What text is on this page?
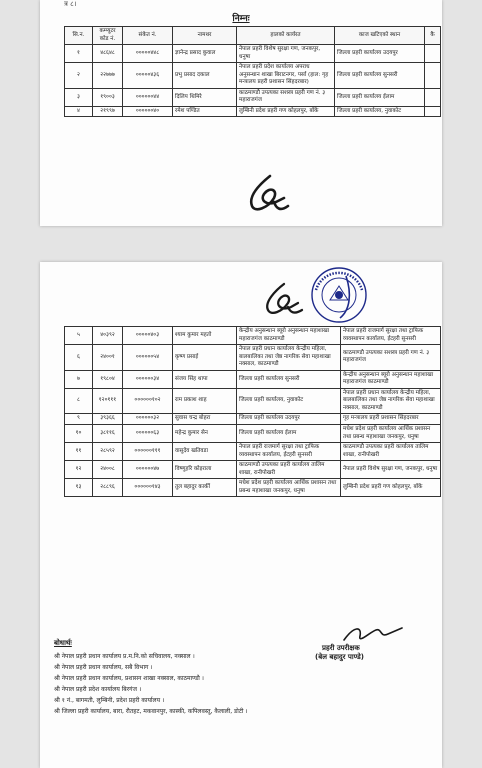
त्र ८।
निम्नः
सि.न.	कम्प्युटर कोड नं.	संकेत नं.	नामथर	हालको कार्यरत	काज खटिएको स्थान	कै
१	४८६४८	०००००४४८	ज्ञानेन्द्र प्रसाद कुवाल	नेपाल प्रहरी विशेष सुरक्षा गण, जनकपुर, धनुषा	जिल्ला प्रहरी कार्यालय उदयपुर	
२	२२७७७	०००००४३६	प्रभु प्रसाद दकाल	नेपाल प्रहरी प्रदेश कार्यालय अपराध अनुसन्धान शाखा बिराटनगर, पर्सा (हाल: गृह मन्त्रालय प्रहरी प्रशासन सिंहदरबार)	जिल्ला प्रहरी कार्यालय सुनसरी	
३	१९००३	००००००४४	दिलिप थिमिरे	काठमाण्डौ उपत्यका सशस्त्र प्रहरी गण नं. ३ महाराजगंज	जिल्ला प्रहरी कार्यालय ईलाम	
४	२१९९७	००००००४०	रमेश पण्डित	लुम्बिनी प्रदेश प्रहरी गण कोहलपुर, बाँके	जिल्ला प्रहरी कार्यालय, नुवाकोट	
५	४०३९२	०००००४०३	श्याम कुमार महतो	केन्द्रीय अनुसन्धान ब्यूरो अनुसन्धान महाशाखा महाराजगंज काठमाण्डौ	नेपाल प्रहरी राजमार्ग सुरक्षा तथा ट्राफिक व्यवस्थापन कार्यालय, ईटहरी सुनसरी
६	२४००१	००००००५४	कृष्ण प्रसाई	नेपाल प्रहरी प्रधान कार्यालय केन्द्रीय महिला, बालबालिका तथा जेष्ठ नागरिक सेवा महाशाखा नक्साल, काठमाण्डौ	काठमाण्डौ उपत्यका सशस्त्र प्रहरी गण नं. ३ महाराजगंज
७	१९८०४	००००००३४	संजय सिंह थापा	जिल्ला प्रहरी कार्यालय सुनसरी	केन्द्रीय अनुसन्धान ब्यूरो अनुसन्धान महाशाखा महाराजगंज काठमाण्डौ
८	१२०१११	००००००१०२	राम प्रकाश शाह	जिल्ला प्रहरी कार्यालय, नुवाकोट	नेपाल प्रहरी प्रधान कार्यालय केन्द्रीय महिला, बालबालिका तथा जेष्ठ नागरिक सेवा महाशाखा नक्साल, काठमाण्डौ
९	३९३६६	००००००३२	सुवास चन्द्र बोहरा	जिल्ला प्रहरी कार्यालय उदयपुर	गृह मन्त्रालय प्रहरी प्रशासन सिंहदरबार
१०	३८११६	००००००६३	महेन्द्र कुमार सेन	जिल्ला प्रहरी कार्यालय ईलाम	मधेश प्रदेश प्रहरी कार्यालय आर्थिक प्रशासन तथा प्रबन्ध महाशाखा जनकपुर, धनुषा
११	२८५९२	००००००१११	वासुदेव खतिवडा	नेपाल प्रहरी राजमार्ग सुरक्षा तथा ट्राफिक व्यवस्थापन कार्यालय, ईटहरी सुनसरी	काठमाण्डौ उपत्यका प्रहरी कार्यालय तालिम शाखा, रानीपोखरी
१२	२४००८	००००००४७	विष्णुहरि कोइराला	काठमाण्डौ उपत्यका प्रहरी कार्यालय तालिम शाखा, रानीपोखरी	नेपाल प्रहरी विशेष सुरक्षा गण, जनकपुर, धनुषा
१३	२८८९६	००००००१४३	तुल बहादुर कार्की	मधेश प्रदेश प्रहरी कार्यालय आर्थिक प्रशासन तथा प्रबन्ध महाशाखा जनकपुर, धनुषा	लुम्बिनी प्रदेश प्रहरी गण कोहलपुर, बाँके
बोधार्थः
श्री नेपाल प्रहरी प्रधान कार्यालय प्र.म.नि.को सचिवालय, नक्साल ।
श्री नेपाल प्रहरी प्रधान कार्यालय, सबै विभाग ।
श्री नेपाल प्रहरी प्रधान कार्यालय, प्रशासन शाखा नक्साल, काठमाण्डौ ।
श्री नेपाल प्रहरी प्रदेश कार्यालय बिरगंज ।
श्री १ नं., बागमती, लुम्बिनी, प्रदेश प्रहरी कार्यालय ।
श्री जिल्ला प्रहरी कार्यालय, बारा, रौतहट, मकवानपुर, कास्की, कपिलवस्तु, कैलाली, डोटी ।
प्रहरी उपरीक्षक
(बेल बहादुर पाण्डे)
